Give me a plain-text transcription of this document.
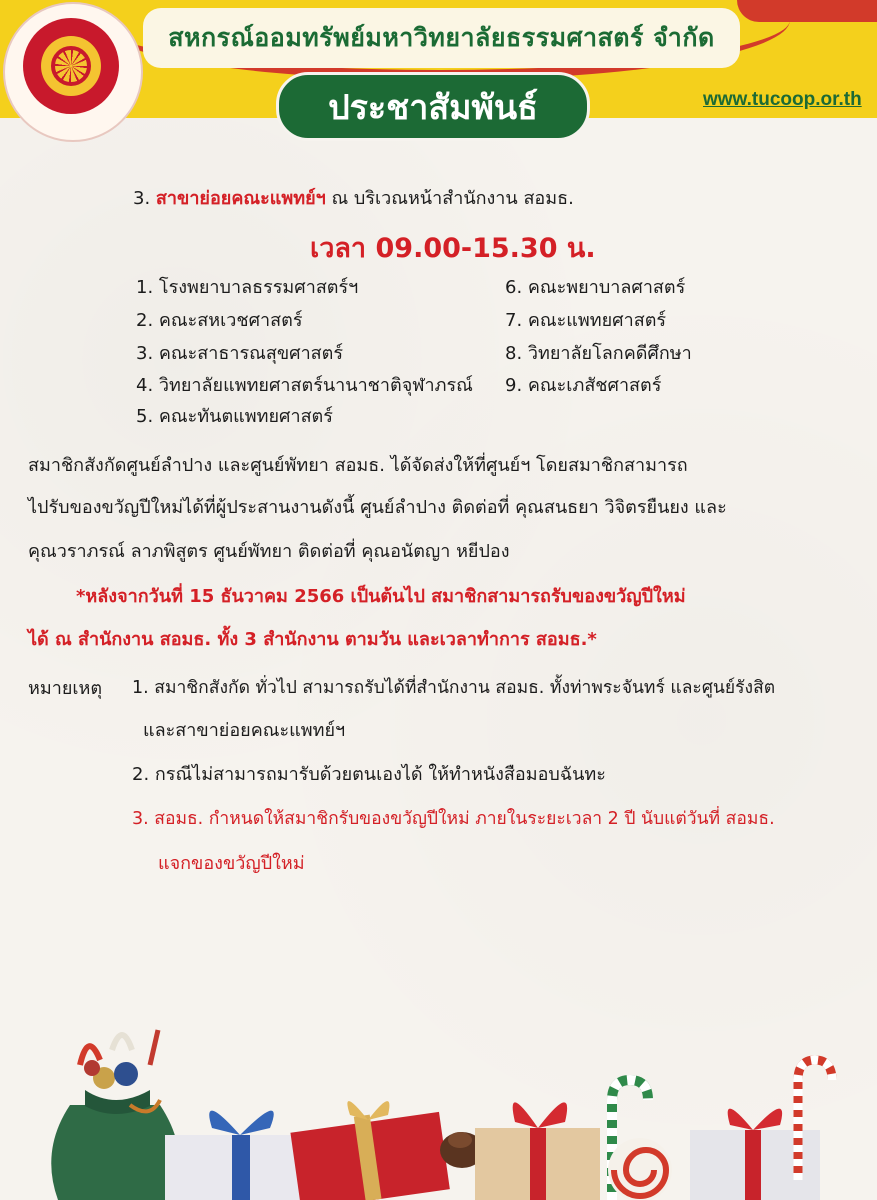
สหกรณ์ออมทรัพย์มหาวิทยาลัยธรรมศาสตร์ จำกัด
ประชาสัมพันธ์	www.tucoop.or.th
3. สาขาย่อยคณะแพทย์ฯ ณ บริเวณหน้าสำนักงาน สอมธ.
เวลา 09.00-15.30 น.
1. โรงพยาบาลธรรมศาสตร์ฯ
2. คณะสหเวชศาสตร์
3. คณะสาธารณสุขศาสตร์
4. วิทยาลัยแพทยศาสตร์นานาชาติจุฬาภรณ์
5. คณะทันตแพทยศาสตร์
6. คณะพยาบาลศาสตร์
7. คณะแพทยศาสตร์
8. วิทยาลัยโลกคดีศึกษา
9. คณะเภสัชศาสตร์
สมาชิกสังกัดศูนย์ลำปาง และศูนย์พัทยา สอมธ. ได้จัดส่งให้ที่ศูนย์ฯ โดยสมาชิกสามารถ
ไปรับของขวัญปีใหม่ได้ที่ผู้ประสานงานดังนี้ ศูนย์ลำปาง ติดต่อที่ คุณสนธยา วิจิตรยืนยง และ
คุณวราภรณ์ ลาภพิสูตร ศูนย์พัทยา ติดต่อที่ คุณอนัตญา หยีปอง
*หลังจากวันที่ 15 ธันวาคม 2566 เป็นต้นไป สมาชิกสามารถรับของขวัญปีใหม่
ได้ ณ สำนักงาน สอมธ. ทั้ง 3 สำนักงาน ตามวัน และเวลาทำการ สอมธ.*
หมายเหตุ 1. สมาชิกสังกัด ทั่วไป สามารถรับได้ที่สำนักงาน สอมธ. ทั้งท่าพระจันทร์ และศูนย์รังสิต
และสาขาย่อยคณะแพทย์ฯ
2. กรณีไม่สามารถมารับด้วยตนเองได้ ให้ทำหนังสือมอบฉันทะ
3. สอมธ. กำหนดให้สมาชิกรับของขวัญปีใหม่ ภายในระยะเวลา 2 ปี นับแต่วันที่ สอมธ.
แจกของขวัญปีใหม่
